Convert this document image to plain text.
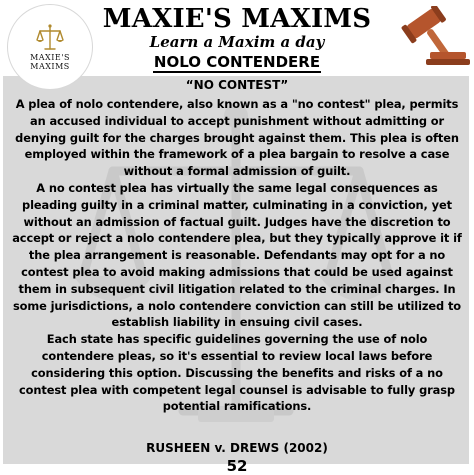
MAXIE'S
MAXIMS
MAXIE'S MAXIMS
Learn a Maxim a day
NOLO CONTENDERE
“NO CONTEST”

A plea of nolo contendere, also known as a "no contest" plea, permits an accused individual to accept punishment without admitting or denying guilt for the charges brought against them. This plea is often employed within the framework of a plea bargain to resolve a case without a formal admission of guilt.

A no contest plea has virtually the same legal consequences as pleading guilty in a criminal matter, culminating in a conviction, yet without an admission of factual guilt. Judges have the discretion to accept or reject a nolo contendere plea, but they typically approve it if the plea arrangement is reasonable. Defendants may opt for a no contest plea to avoid making admissions that could be used against them in subsequent civil litigation related to the criminal charges. In some jurisdictions, a nolo contendere conviction can still be utilized to establish liability in ensuing civil cases.

Each state has specific guidelines governing the use of nolo contendere pleas, so it's essential to review local laws before considering this option. Discussing the benefits and risks of a no contest plea with competent legal counsel is advisable to fully grasp potential ramifications.

RUSHEEN v. DREWS (2002)
52
